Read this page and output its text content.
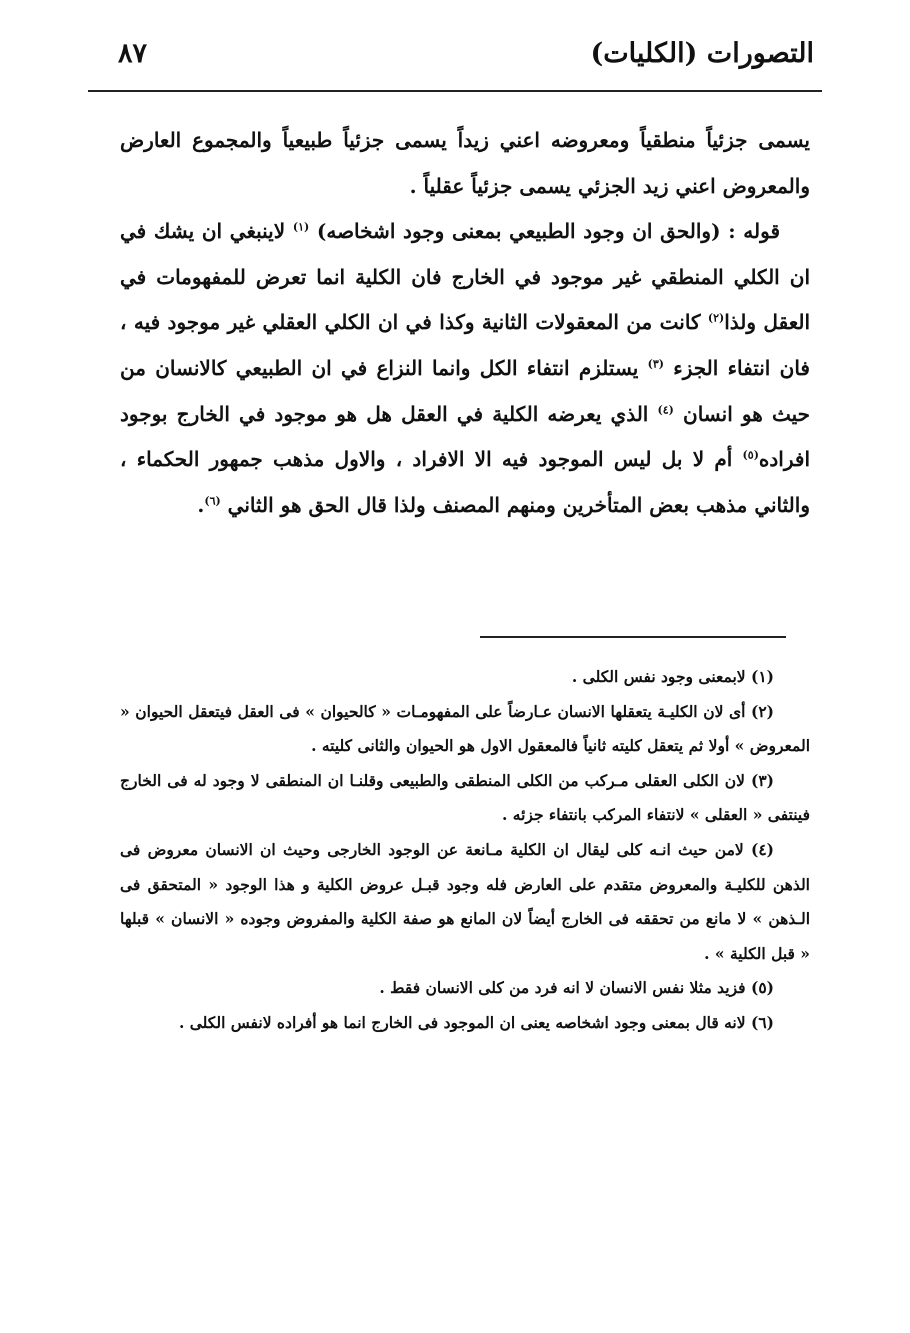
التصورات (الكليات)
٨٧

يسمى جزئياً منطقياً ومعروضه اعني زيداً يسمى جزئياً طبيعياً والمجموع العارض والمعروض اعني زيد الجزئي يسمى جزئياً عقلياً .

قوله : (والحق ان وجود الطبيعي بمعنى وجود اشخاصه) $^{(١)}$ لاينبغي ان يشك في ان الكلي المنطقي غير موجود في الخارج فان الكلية انما تعرض للمفهومات في العقل ولذا$^{(٢)}$ كانت من المعقولات الثانية وكذا في ان الكلي العقلي غير موجود فيه ، فان انتفاء الجزء $^{(٣)}$ يستلزم انتفاء الكل وانما النزاع في ان الطبيعي كالانسان من حيث هو انسان $^{(٤)}$ الذي يعرضه الكلية في العقل هل هو موجود في الخارج بوجود افراده$^{(٥)}$ أم لا بل ليس الموجود فيه الا الافراد ، والاول مذهب جمهور الحكماء ، والثاني مذهب بعض المتأخرين ومنهم المصنف ولذا قال الحق هو الثاني $^{(٦)}$.

(١) لابمعنى وجود نفس الكلى .

(٢) أى لان الكليـة يتعقلها الانسان عـارضاً على المفهومـات « كالحيوان » فى العقل فيتعقل الحيوان « المعروض » أولا ثم يتعقل كليته ثانياً فالمعقول الاول هو الحيوان والثانى كليته .

(٣) لان الكلى العقلى مـركب من الكلى المنطقى والطبيعى وقلنـا ان المنطقى لا وجود له فى الخارج فينتفى « العقلى » لانتفاء المركب بانتفاء جزئه .

(٤) لامن حيث انـه كلى ليقال ان الكلية مـانعة عن الوجود الخارجى وحيث ان الانسان معروض فى الذهن للكليـة والمعروض متقدم على العارض فله وجود قبـل عروض الكلية و هذا الوجود « المتحقق فى الـذهن » لا مانع من تحققه فى الخارج أيضاً لان المانع هو صفة الكلية والمفروض وجوده « الانسان » قبلها « قبل الكلية » .

(٥) فزيد مثلا نفس الانسان لا انه فرد من كلى الانسان فقط .

(٦) لانه قال بمعنى وجود اشخاصه يعنى ان الموجود فى الخارج انما هو أفراده لانفس الكلى .
